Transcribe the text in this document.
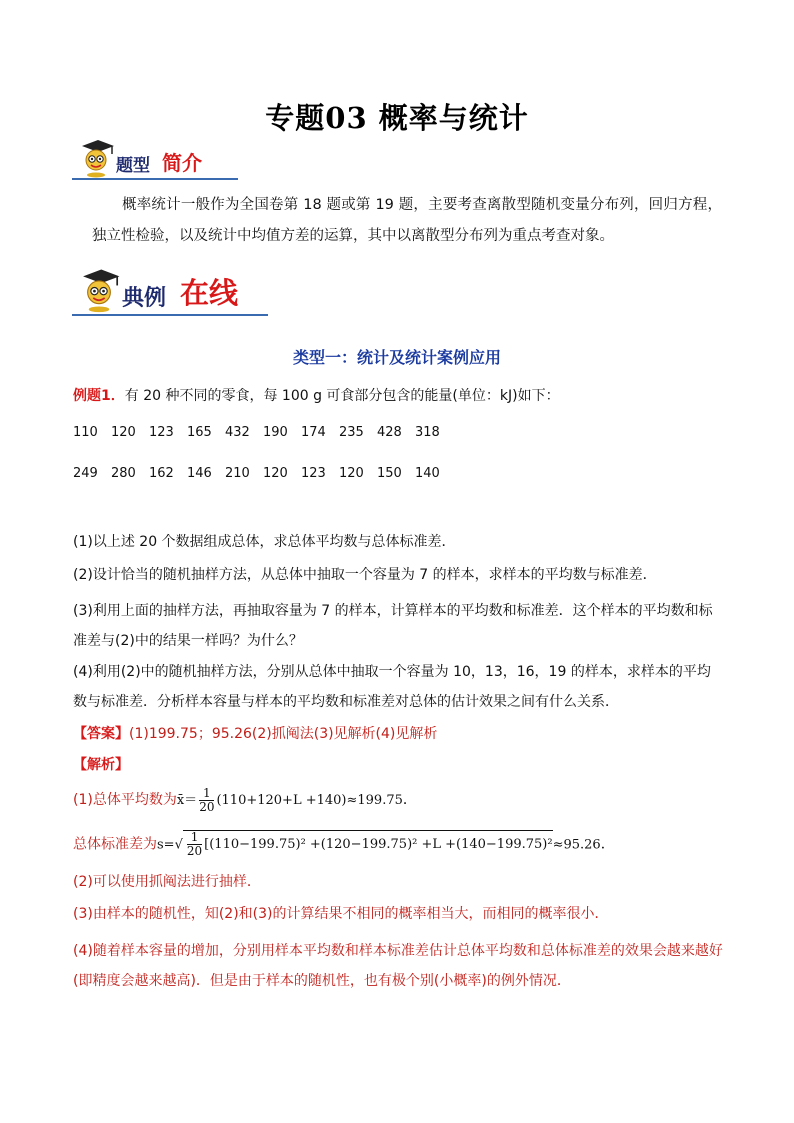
专题03 概率与统计
题型 简介
概率统计一般作为全国卷第 18 题或第 19 题，主要考查离散型随机变量分布列，回归方程，独立性检验，以及统计中均值方差的运算，其中以离散型分布列为重点考查对象。
典例 在线
类型一：统计及统计案例应用
例题1．有 20 种不同的零食，每 100 g 可食部分包含的能量(单位：kJ)如下：
110 120 123 165 432 190 174 235 428 318
249 280 162 146 210 120 123 120 150 140
(1)以上述 20 个数据组成总体，求总体平均数与总体标准差．
(2)设计恰当的随机抽样方法，从总体中抽取一个容量为 7 的样本，求样本的平均数与标准差．
(3)利用上面的抽样方法，再抽取容量为 7 的样本，计算样本的平均数和标准差．这个样本的平均数和标准差与(2)中的结果一样吗？为什么？
(4)利用(2)中的随机抽样方法，分别从总体中抽取一个容量为 10，13，16，19 的样本，求样本的平均数与标准差．分析样本容量与样本的平均数和标准差对总体的估计效果之间有什么关系．
【答案】(1)199.75；95.26(2)抓阄法(3)见解析(4)见解析
【解析】
(1)总体平均数为x̄＝ $\frac{1}{20} (110+120+L +140)\approx 199.75$．
总体标准差为$s=√ \frac{1}{20} [(110-199.75)^2 +(120-199.75)^2 +L +(140-199.75)^2\approx 95.26$．
(2)可以使用抓阄法进行抽样．
(3)由样本的随机性，知(2)和(3)的计算结果不相同的概率相当大，而相同的概率很小．
(4)随着样本容量的增加，分别用样本平均数和样本标准差估计总体平均数和总体标准差的效果会越来越好(即精度会越来越高)．但是由于样本的随机性，也有极个别(小概率)的例外情况．
